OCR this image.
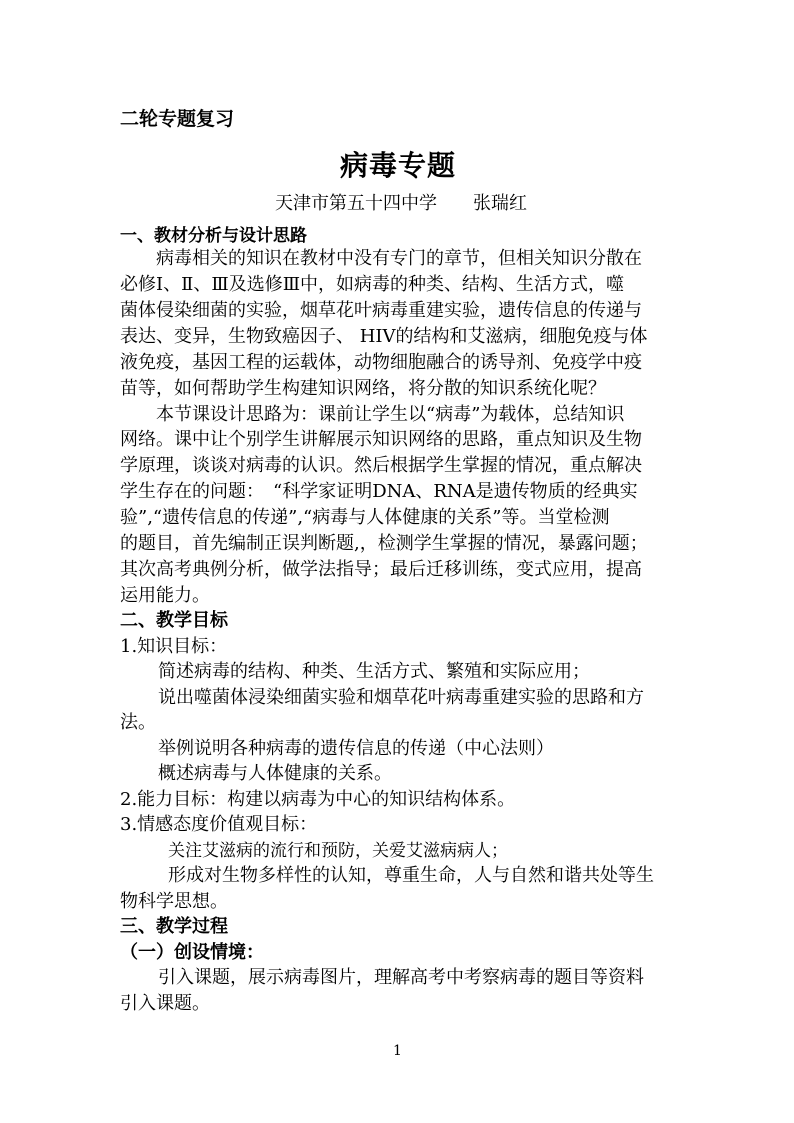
二轮专题复习
病毒专题
天津市第五十四中学　　张瑞红
一、教材分析与设计思路
病毒相关的知识在教材中没有专门的章节，但相关知识分散在
必修Ⅰ、Ⅱ、Ⅲ及选修Ⅲ中，如病毒的种类、结构、生活方式，噬
菌体侵染细菌的实验，烟草花叶病毒重建实验，遗传信息的传递与
表达、变异，生物致癌因子、 HIV的结构和艾滋病，细胞免疫与体
液免疫，基因工程的运载体，动物细胞融合的诱导剂、免疫学中疫
苗等，如何帮助学生构建知识网络，将分散的知识系统化呢？
本节课设计思路为：课前让学生以“病毒”为载体，总结知识
网络。课中让个别学生讲解展示知识网络的思路，重点知识及生物
学原理，谈谈对病毒的认识。然后根据学生掌握的情况，重点解决
学生存在的问题：　“科学家证明DNA、RNA是遗传物质的经典实
验”,“遗传信息的传递”,“病毒与人体健康的关系”等。当堂检测
的题目，首先编制正误判断题,，检测学生掌握的情况，暴露问题；
其次高考典例分析，做学法指导；最后迁移训练，变式应用，提高
运用能力。
二、教学目标
1.知识目标：
简述病毒的结构、种类、生活方式、繁殖和实际应用；
说出噬菌体浸染细菌实验和烟草花叶病毒重建实验的思路和方
法。
举例说明各种病毒的遗传信息的传递（中心法则）
概述病毒与人体健康的关系。
2.能力目标：构建以病毒为中心的知识结构体系。
3.情感态度价值观目标：
关注艾滋病的流行和预防，关爱艾滋病病人；
形成对生物多样性的认知，尊重生命，人与自然和谐共处等生
物科学思想。
三、教学过程
（一）创设情境：
引入课题，展示病毒图片，理解高考中考察病毒的题目等资料
引入课题。
1
